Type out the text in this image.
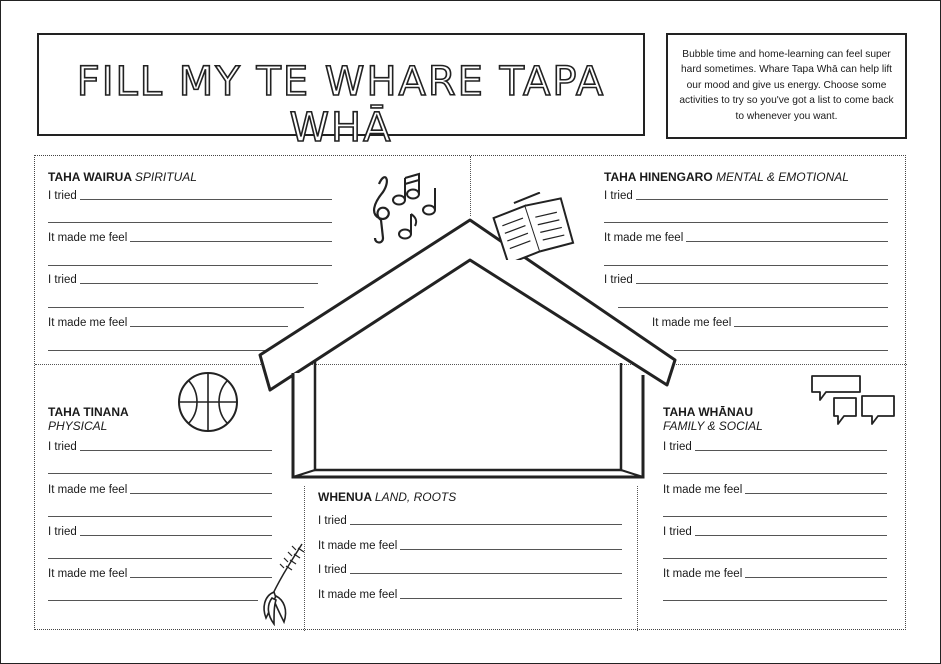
FILL MY TE WHARE TAPA WHĀ
Bubble time and home-learning can feel super hard sometimes. Whare Tapa Whā can help lift our mood and give us energy. Choose some activities to try so you've got a list to come back to whenever you want.
TAHA WAIRUA SPIRITUAL
I tried
It made me feel
I tried
It made me feel
TAHA HINENGARO MENTAL & EMOTIONAL
I tried
It made me feel
I tried
It made me feel
TAHA TINANA
PHYSICAL
I tried
It made me feel
I tried
It made me feel
TAHA WHĀNAU
FAMILY & SOCIAL
I tried
It made me feel
I tried
It made me feel
WHENUA LAND, ROOTS
I tried
It made me feel
I tried
It made me feel
